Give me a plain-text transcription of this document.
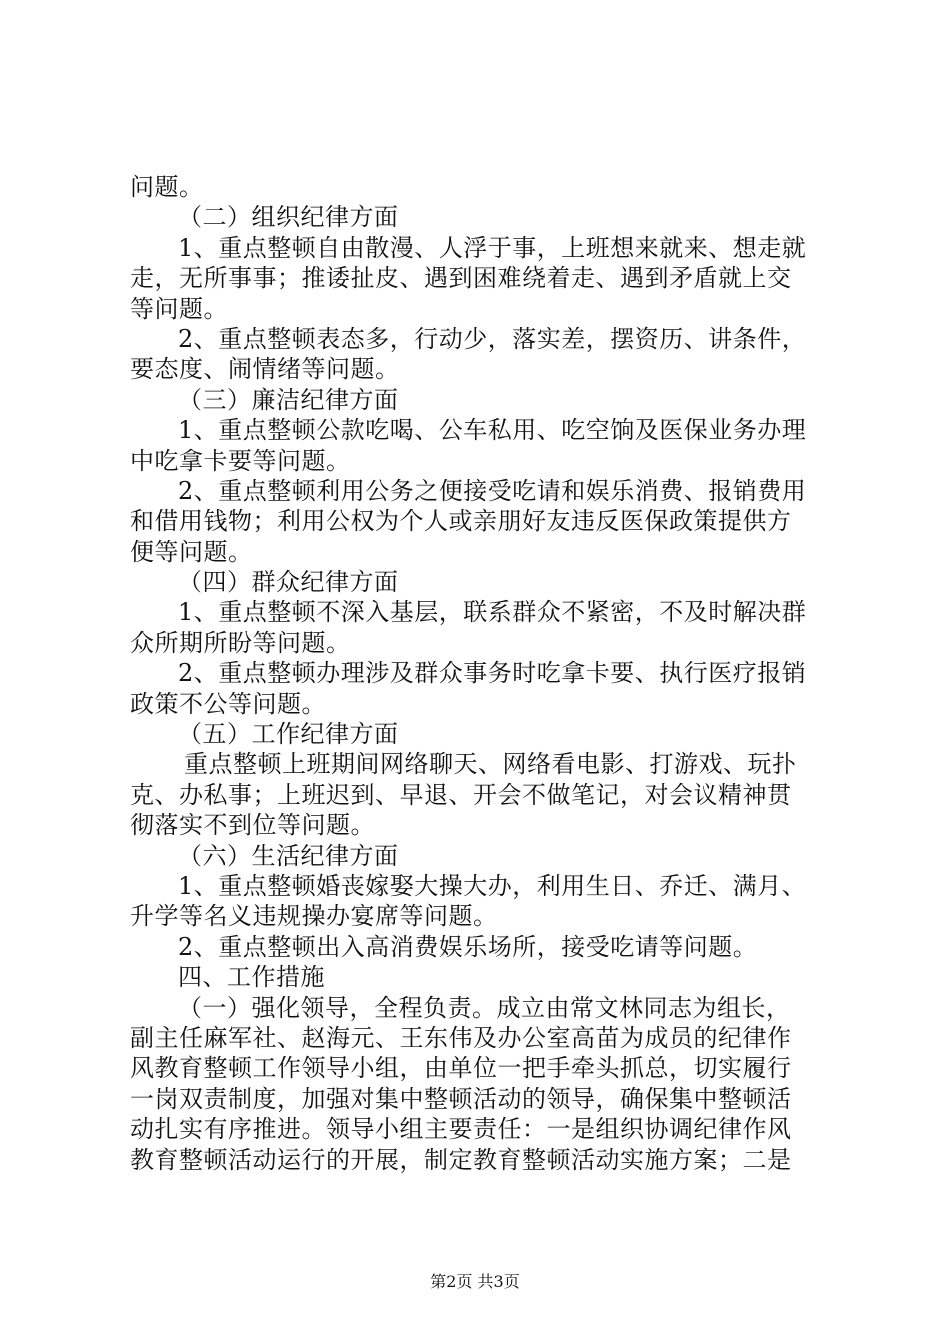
问题。
（二）组织纪律方面
1、重点整顿自由散漫、人浮于事，上班想来就来、想走就
走，无所事事；推诿扯皮、遇到困难绕着走、遇到矛盾就上交
等问题。
2、重点整顿表态多，行动少，落实差，摆资历、讲条件，
要态度、闹情绪等问题。
（三）廉洁纪律方面
1、重点整顿公款吃喝、公车私用、吃空饷及医保业务办理
中吃拿卡要等问题。
2、重点整顿利用公务之便接受吃请和娱乐消费、报销费用
和借用钱物；利用公权为个人或亲朋好友违反医保政策提供方
便等问题。
（四）群众纪律方面
1、重点整顿不深入基层，联系群众不紧密，不及时解决群
众所期所盼等问题。
2、重点整顿办理涉及群众事务时吃拿卡要、执行医疗报销
政策不公等问题。
（五）工作纪律方面
重点整顿上班期间网络聊天、网络看电影、打游戏、玩扑
克、办私事；上班迟到、早退、开会不做笔记，对会议精神贯
彻落实不到位等问题。
（六）生活纪律方面
1、重点整顿婚丧嫁娶大操大办，利用生日、乔迁、满月、
升学等名义违规操办宴席等问题。
2、重点整顿出入高消费娱乐场所，接受吃请等问题。
四、工作措施
（一）强化领导，全程负责。成立由常文林同志为组长，
副主任麻军社、赵海元、王东伟及办公室高苗为成员的纪律作
风教育整顿工作领导小组，由单位一把手牵头抓总，切实履行
一岗双责制度，加强对集中整顿活动的领导，确保集中整顿活
动扎实有序推进。领导小组主要责任：一是组织协调纪律作风
教育整顿活动运行的开展，制定教育整顿活动实施方案；二是
第2页 共3页
